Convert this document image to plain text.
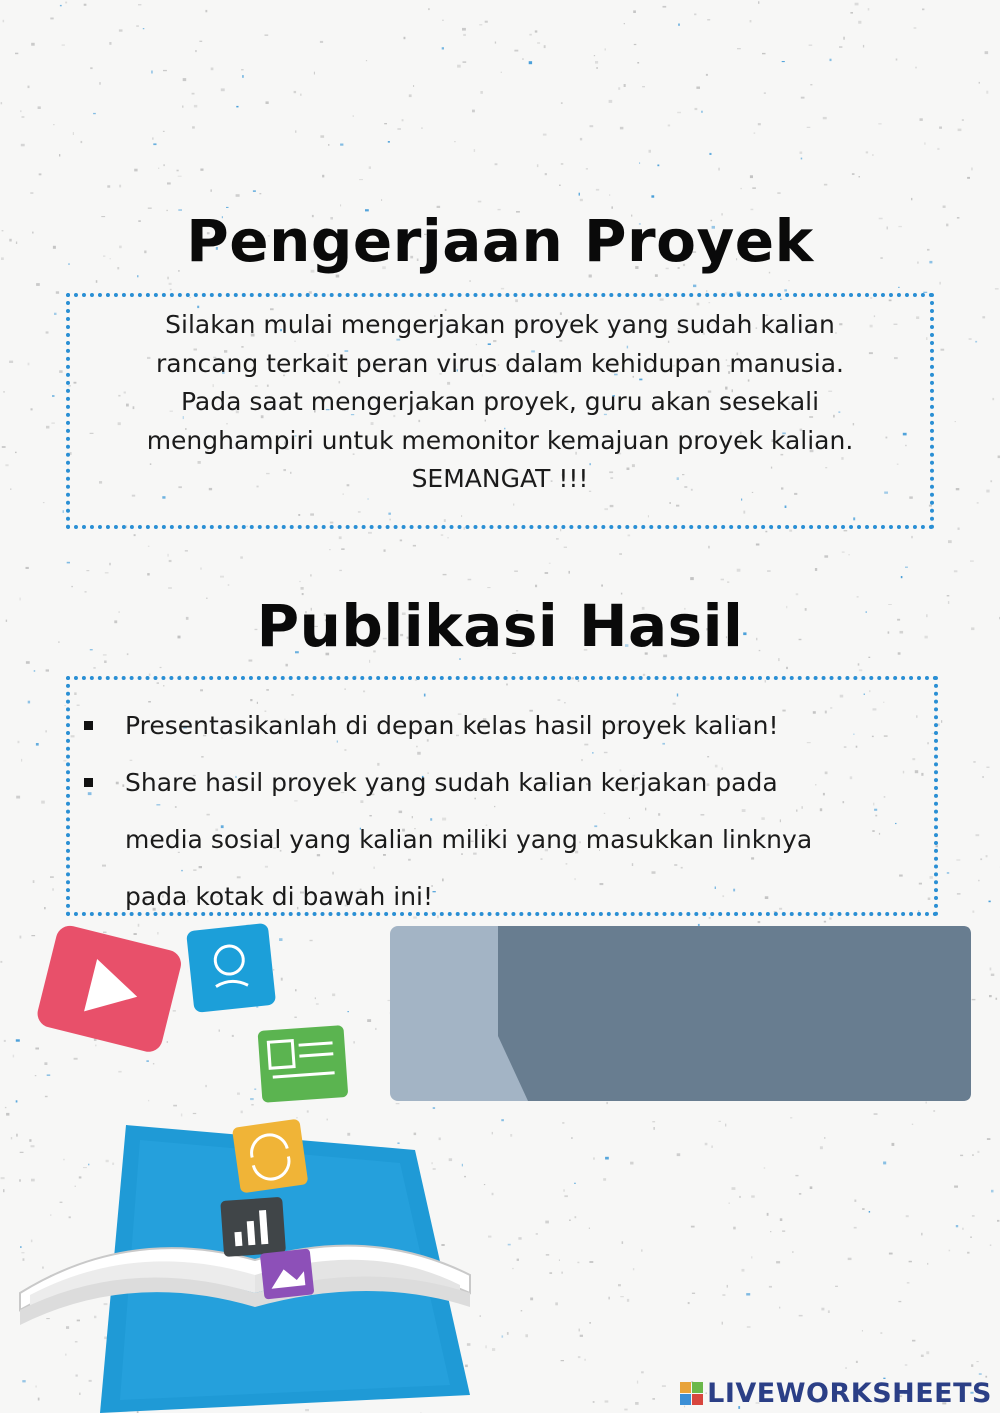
Pengerjaan Proyek
Silakan mulai mengerjakan proyek yang sudah kalian
rancang terkait peran virus dalam kehidupan manusia.
Pada saat mengerjakan proyek, guru akan sesekali
menghampiri untuk memonitor kemajuan proyek kalian.
SEMANGAT !!!
Publikasi Hasil
Presentasikanlah di depan kelas hasil proyek kalian!
Share hasil proyek yang sudah kalian kerjakan pada
media sosial yang kalian miliki yang masukkan linknya
pada kotak di bawah ini!
LIVEWORKSHEETS
